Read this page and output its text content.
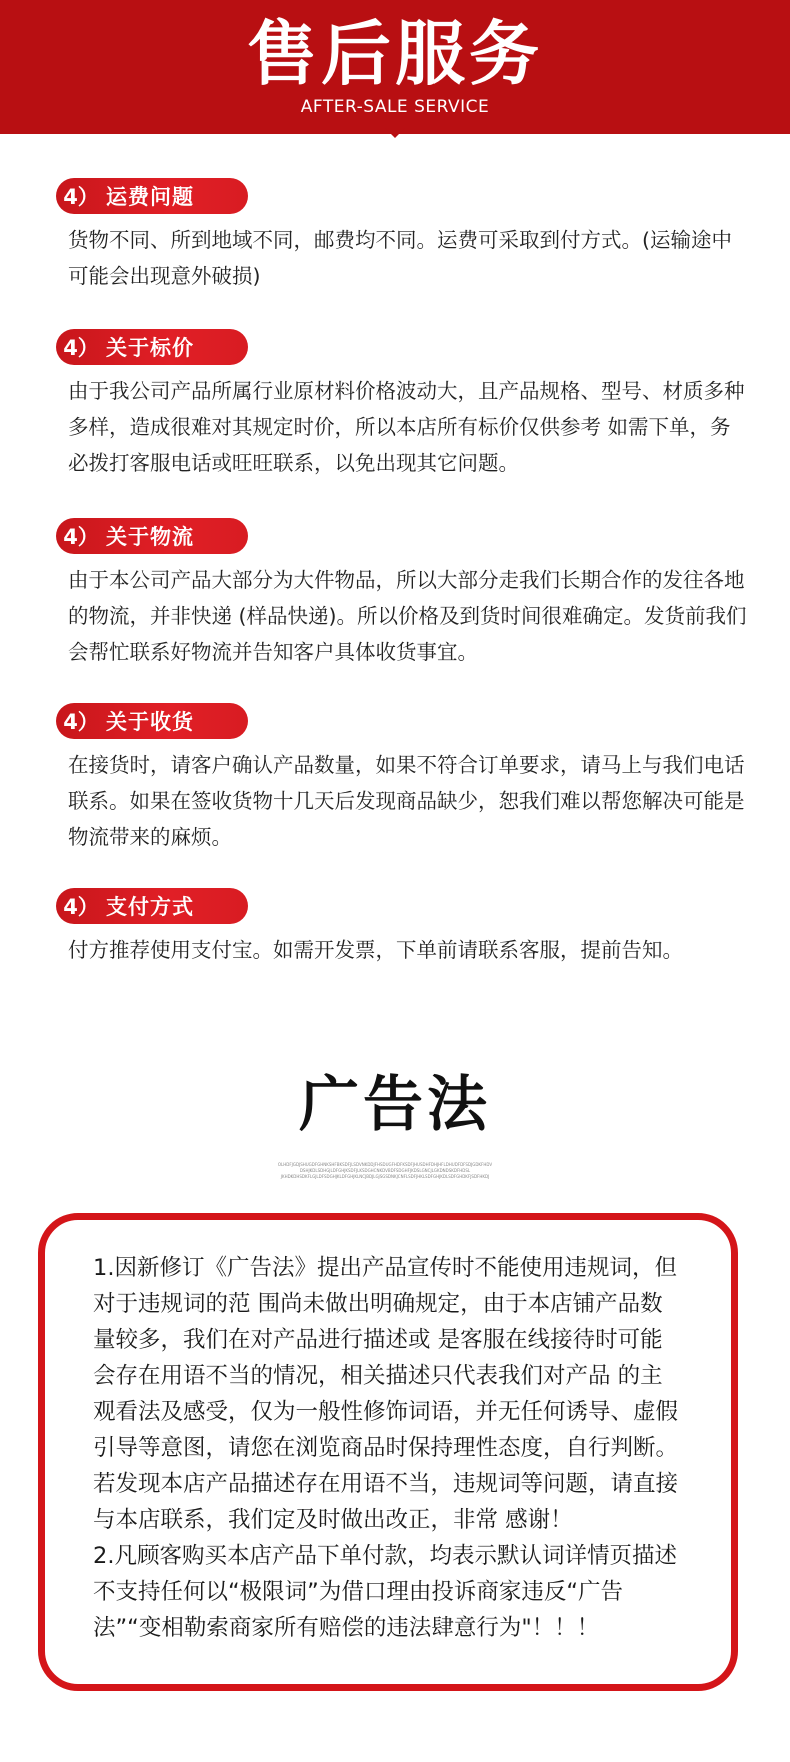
售后服务
AFTER-SALE SERVICE
4） 运费问题
货物不同、所到地域不同，邮费均不同。运费可采取到付方式。(运输途中可能会出现意外破损)
4） 关于标价
由于我公司产品所属行业原材料价格波动大，且产品规格、型号、材质多种多样，造成很难对其规定时价，所以本店所有标价仅供参考 如需下单，务必拨打客服电话或旺旺联系，以免出现其它问题。
4） 关于物流
由于本公司产品大部分为大件物品，所以大部分走我们长期合作的发往各地的物流，并非快递 (样品快递)。所以价格及到货时间很难确定。发货前我们会帮忙联系好物流并告知客户具体收货事宜。
4） 关于收货
在接货时，请客户确认产品数量，如果不符合订单要求，请马上与我们电话联系。如果在签收货物十几天后发现商品缺少，恕我们难以帮您解决可能是物流带来的麻烦。
4） 支付方式
付方推荐使用支付宝。如需开发票，下单前请联系客服，提前告知。
广告法
OLHDFJGDJSHUGDFGHNKSHFBKSDFJLSDVNKDDJFHSDUGFHDFKSDFJHUSDHFDHJHFLDHUDFDFSDJGDKFHDV
DSHJKDLSDHGJLDFGHJKSDFJLKSDGHCNKDVBDFSDGHFJKDSLGNCJLGKDNDSKDFHDSL
JKHDKDHSDKFLGJLDFSDGHJKLDFGHJKLNCJBDJLGJSGSDNKJCNFLSDFJHKLSDFGHJKDLSDFGHDKFJSDFHKDJ

1.因新修订《广告法》提出产品宣传时不能使用违规词，但对于违规词的范 围尚未做出明确规定，由于本店铺产品数量较多，我们在对产品进行描述或 是客服在线接待时可能会存在用语不当的情况，相关描述只代表我们对产品 的主观看法及感受，仅为一般性修饰词语，并无任何诱导、虚假引导等意图，请您在浏览商品时保持理性态度，自行判断。若发现本店产品描述存在用语不当，违规词等问题，请直接与本店联系，我们定及时做出改正，非常 感谢！

2.凡顾客购买本店产品下单付款，均表示默认词详情页描述不支持任何以“极限词”为借口理由投诉商家违反“广告法”“变相勒索商家所有赔偿的违法肆意行为"！！！
